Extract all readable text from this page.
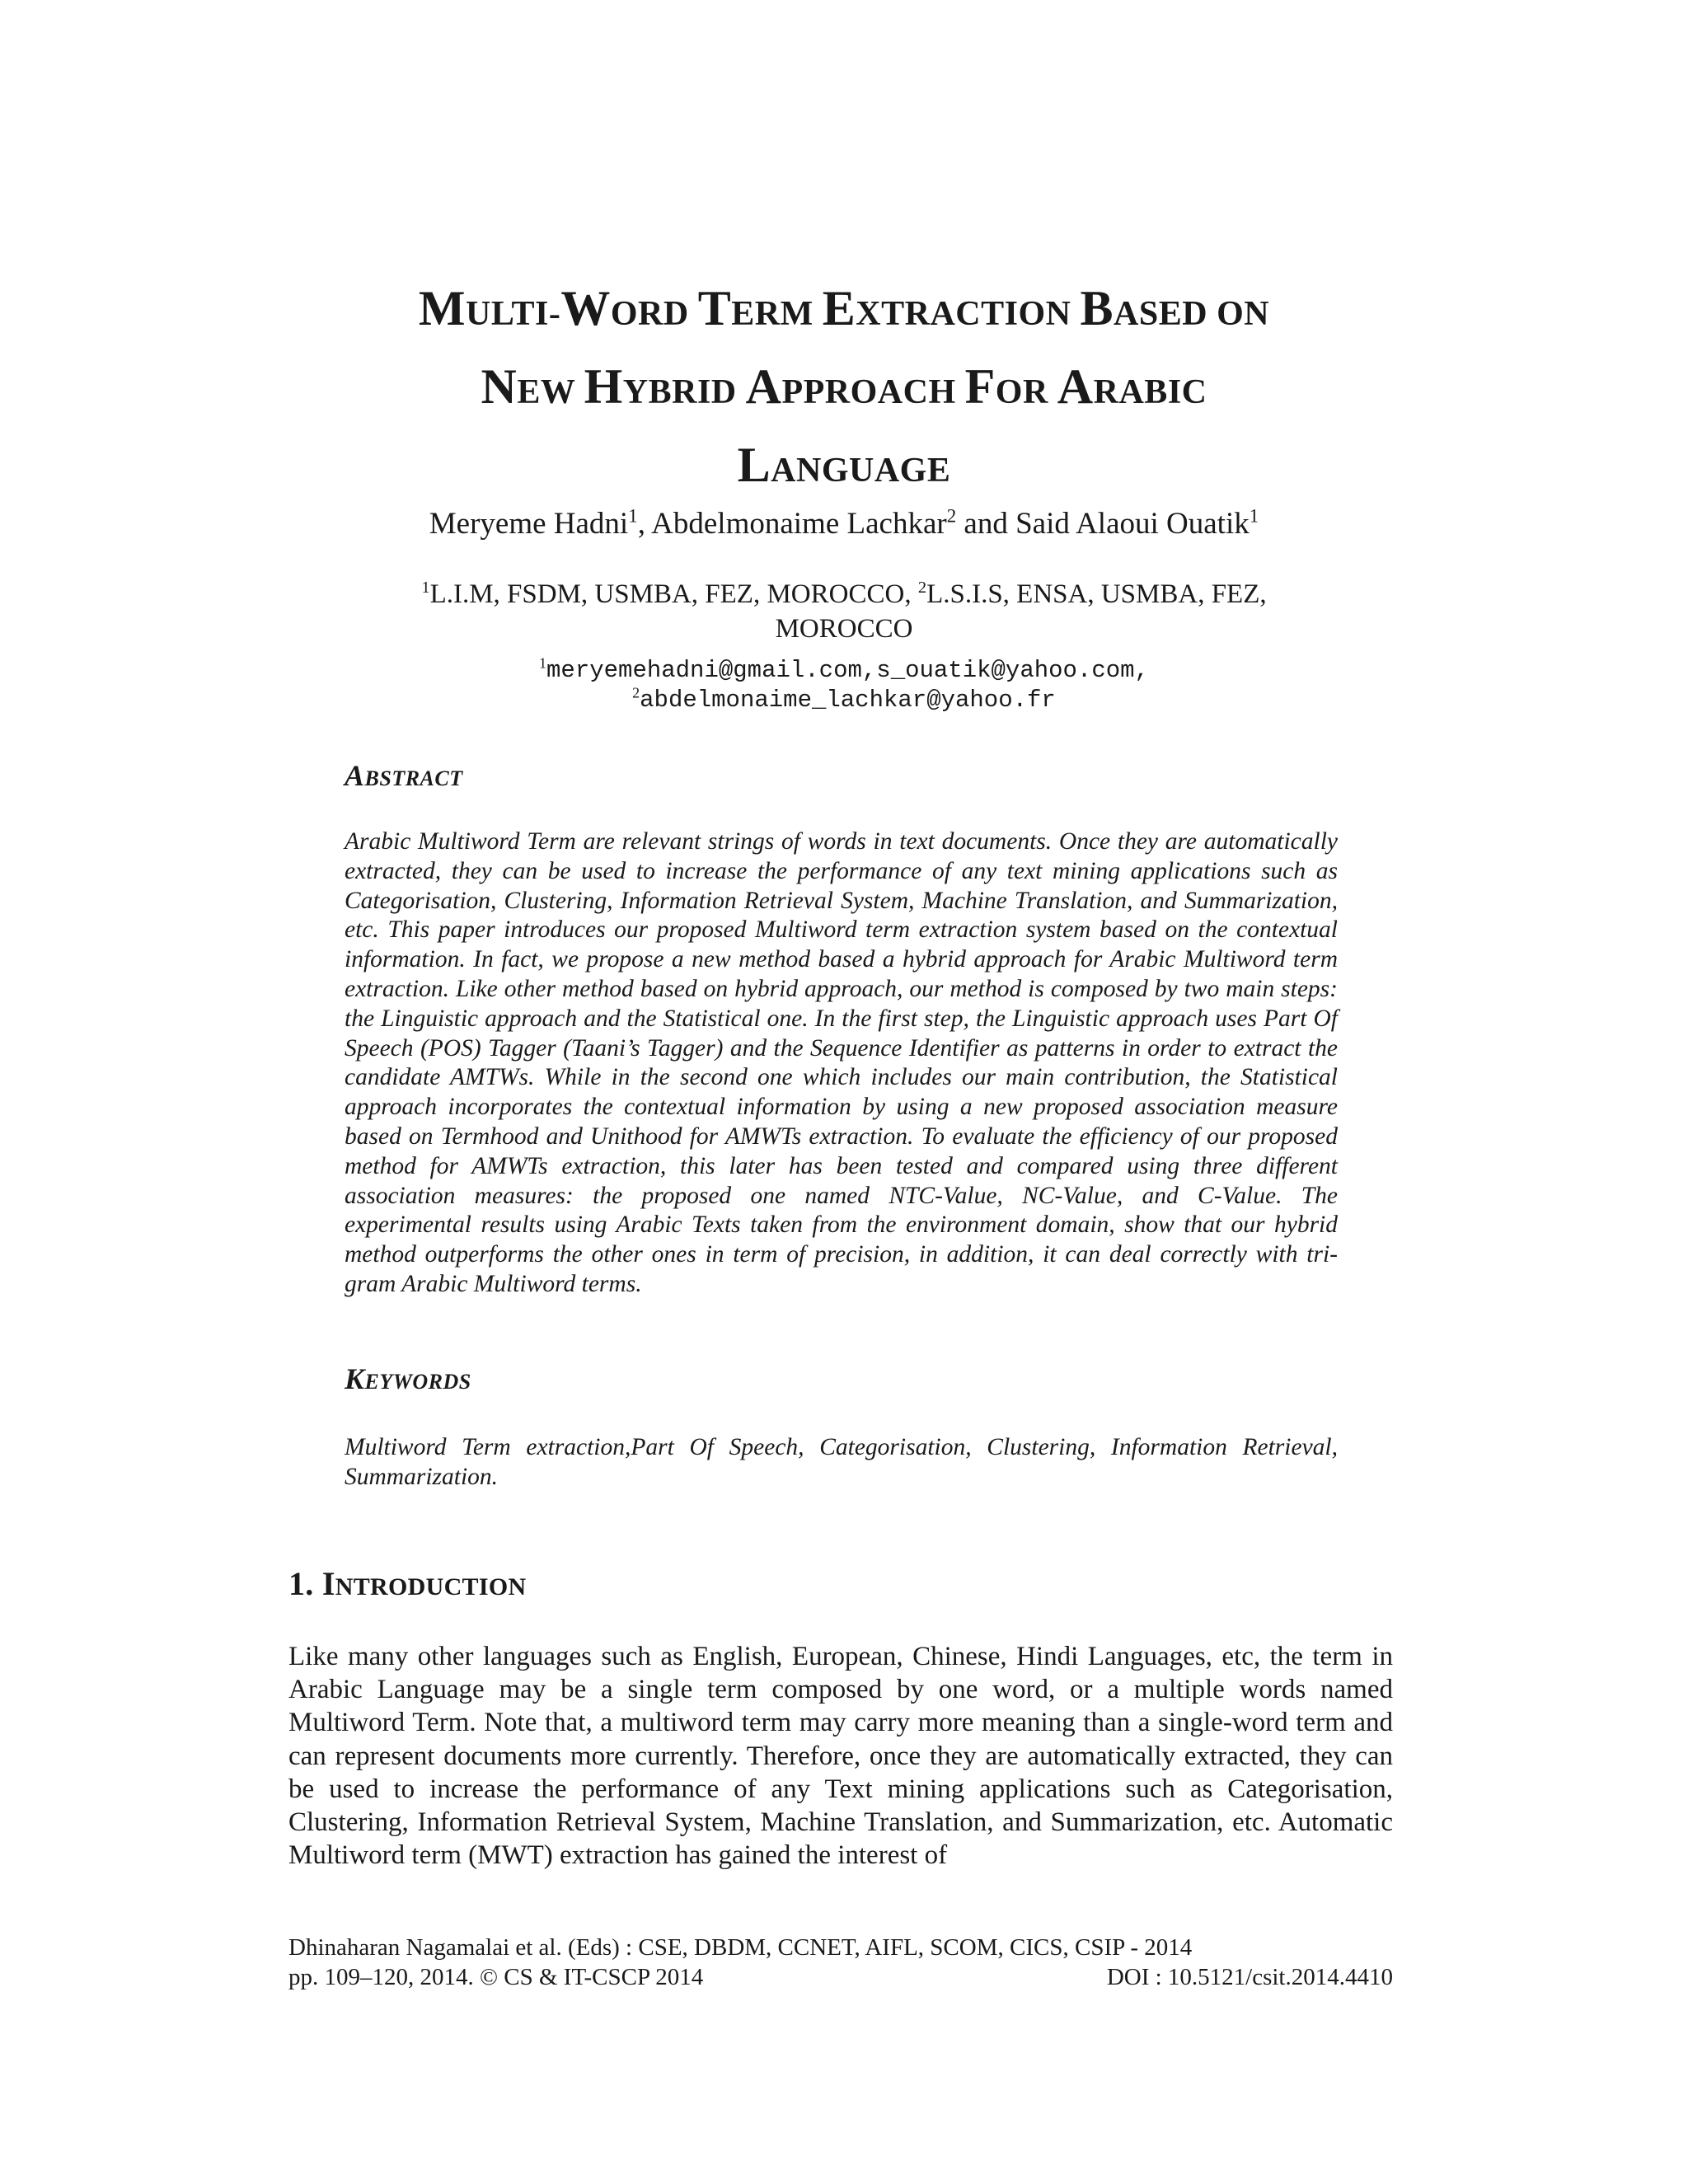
MULTI-WORD TERM EXTRACTION BASED ON
NEW HYBRID APPROACH FOR ARABIC
LANGUAGE
Meryeme Hadni$^1$, Abdelmonaime Lachkar$^2$ and Said Alaoui Ouatik$^1$
$^1$L.I.M, FSDM, USMBA, FEZ, MOROCCO, $^2$L.S.I.S, ENSA, USMBA, FEZ,
MOROCCO
$^1$meryemehadni@gmail.com,s_ouatik@yahoo.com,
$^2$abdelmonaime_lachkar@yahoo.fr
ABSTRACT
Arabic Multiword Term are relevant strings of words in text documents. Once they are automatically extracted, they can be used to increase the performance of any text mining applications such as Categorisation, Clustering, Information Retrieval System, Machine Translation, and Summarization, etc. This paper introduces our proposed Multiword term extraction system based on the contextual information. In fact, we propose a new method based a hybrid approach for Arabic Multiword term extraction. Like other method based on hybrid approach, our method is composed by two main steps: the Linguistic approach and the Statistical one. In the first step, the Linguistic approach uses Part Of Speech (POS) Tagger (Taani’s Tagger) and the Sequence Identifier as patterns in order to extract the candidate AMTWs. While in the second one which includes our main contribution, the Statistical approach incorporates the contextual information by using a new proposed association measure based on Termhood and Unithood for AMWTs extraction. To evaluate the efficiency of our proposed method for AMWTs extraction, this later has been tested and compared using three different association measures: the proposed one named NTC-Value, NC-Value, and C-Value. The experimental results using Arabic Texts taken from the environment domain, show that our hybrid method outperforms the other ones in term of precision, in addition, it can deal correctly with tri-gram Arabic Multiword terms.
KEYWORDS
Multiword Term extraction,Part Of Speech, Categorisation, Clustering, Information Retrieval, Summarization.
1. INTRODUCTION
Like many other languages such as English, European, Chinese, Hindi Languages, etc, the term in Arabic Language may be a single term composed by one word, or a multiple words named Multiword Term. Note that, a multiword term may carry more meaning than a single-word term and can represent documents more currently. Therefore, once they are automatically extracted, they can be used to increase the performance of any Text mining applications such as Categorisation, Clustering, Information Retrieval System, Machine Translation, and Summarization, etc. Automatic Multiword term (MWT) extraction has gained the interest of
Dhinaharan Nagamalai et al. (Eds) : CSE, DBDM, CCNET, AIFL, SCOM, CICS, CSIP - 2014
pp. 109–120, 2014. © CS & IT-CSCP 2014	DOI : 10.5121/csit.2014.4410
